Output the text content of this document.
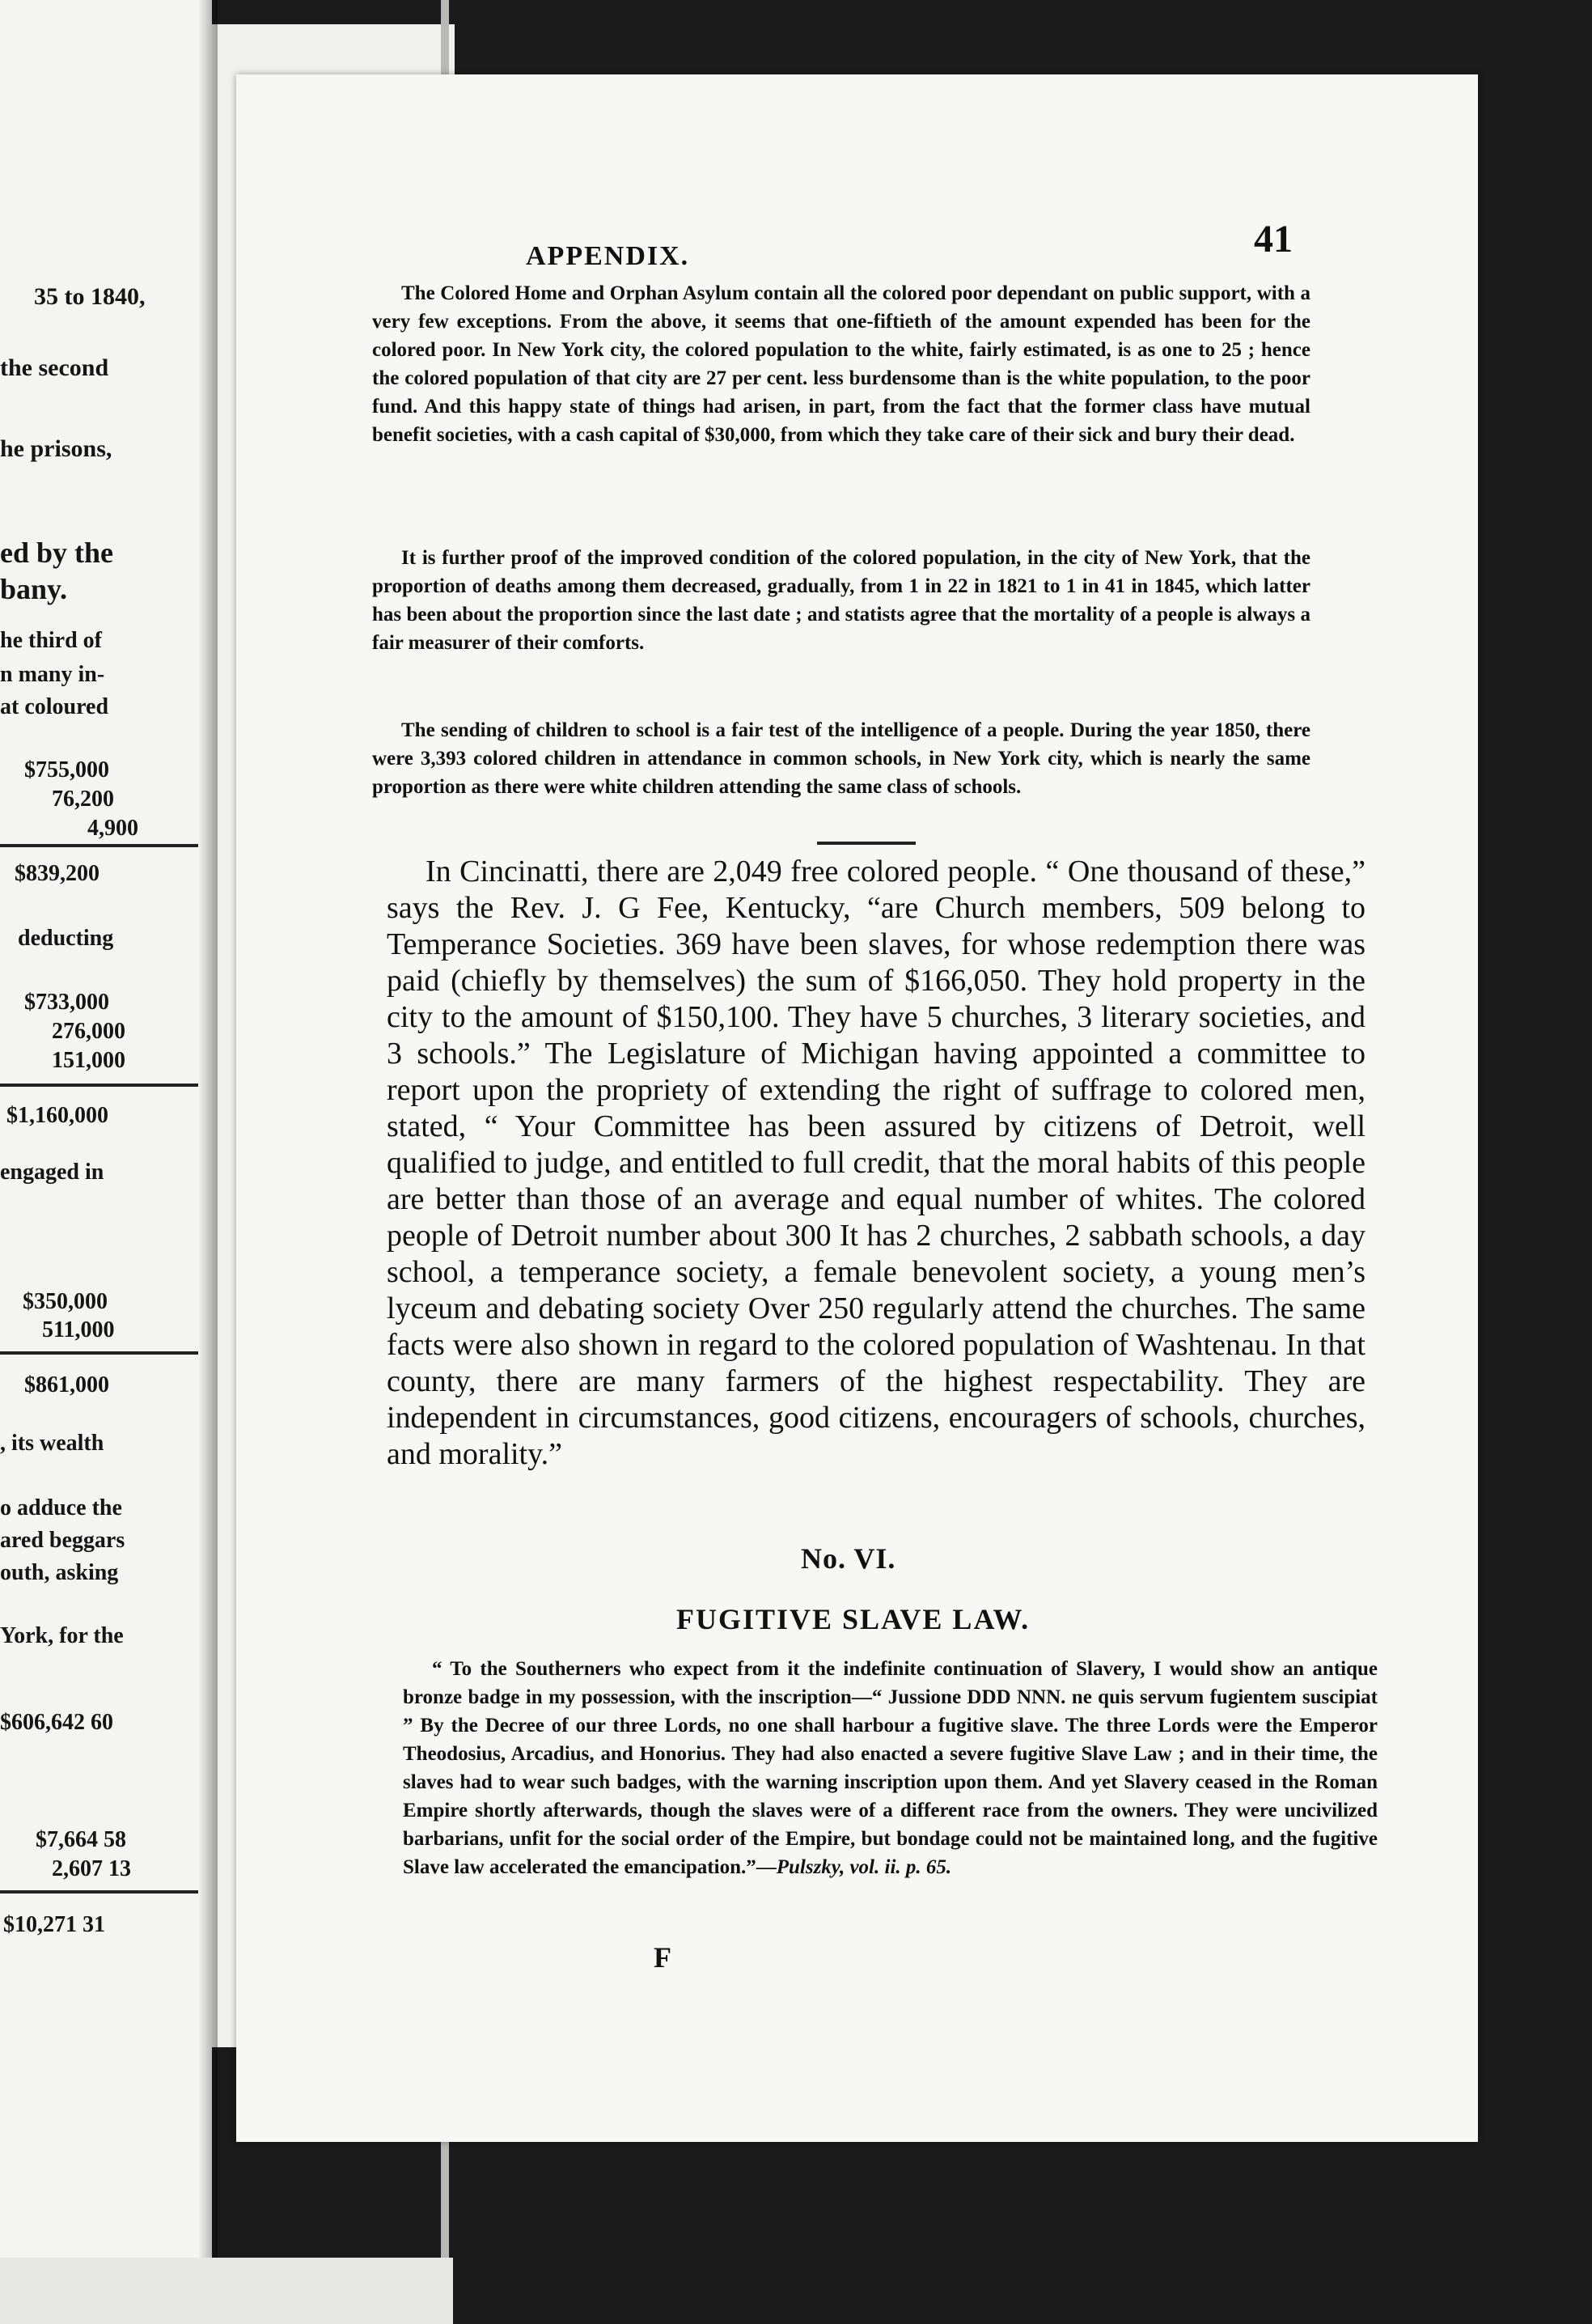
35 to 1840,
the second
he prisons,
ed by the
bany.
he third of
n many in-
at coloured
$755,000
76,200
4,900
$839,200
deducting
$733,000
276,000
151,000
$1,160,000
engaged in
$350,000
511,000
$861,000
, its wealth
o adduce the
ared beggars
outh, asking
York, for the
$606,642 60
$7,664 58
2,607 13
$10,271 31
APPENDIX.	41

The Colored Home and Orphan Asylum contain all the colored poor dependant on public support, with a very few exceptions. From the above, it seems that one-fiftieth of the amount expended has been for the colored poor. In New York city, the colored population to the white, fairly estimated, is as one to 25 ; hence the colored population of that city are 27 per cent. less burdensome than is the white population, to the poor fund. And this happy state of things had arisen, in part, from the fact that the former class have mutual benefit societies, with a cash capital of $30,000, from which they take care of their sick and bury their dead.

It is further proof of the improved condition of the colored population, in the city of New York, that the proportion of deaths among them decreased, gradually, from 1 in 22 in 1821 to 1 in 41 in 1845, which latter has been about the proportion since the last date ; and statists agree that the mortality of a people is always a fair measurer of their comforts.

The sending of children to school is a fair test of the intelligence of a people. During the year 1850, there were 3,393 colored children in attendance in common schools, in New York city, which is nearly the same proportion as there were white children attending the same class of schools.

In Cincinatti, there are 2,049 free colored people. “ One thousand of these,” says the Rev. J. G Fee, Kentucky, “are Church members, 509 belong to Temperance Societies. 369 have been slaves, for whose redemption there was paid (chiefly by themselves) the sum of $166,050. They hold property in the city to the amount of $150,100. They have 5 churches, 3 literary societies, and 3 schools.” The Legislature of Michigan having appointed a committee to report upon the propriety of extending the right of suffrage to colored men, stated, “ Your Committee has been assured by citizens of Detroit, well qualified to judge, and entitled to full credit, that the moral habits of this people are better than those of an average and equal number of whites. The colored people of Detroit number about 300 It has 2 churches, 2 sabbath schools, a day school, a temperance society, a female benevolent society, a young men’s lyceum and debating society Over 250 regularly attend the churches. The same facts were also shown in regard to the colored population of Washtenau. In that county, there are many farmers of the highest respectability. They are independent in circumstances, good citizens, encouragers of schools, churches, and morality.”

No. VI.
FUGITIVE SLAVE LAW.

“ To the Southerners who expect from it the indefinite continuation of Slavery, I would show an antique bronze badge in my possession, with the inscription—“ Jussione DDD NNN. ne quis servum fugientem suscipiat ” By the Decree of our three Lords, no one shall harbour a fugitive slave. The three Lords were the Emperor Theodosius, Arcadius, and Honorius. They had also enacted a severe fugitive Slave Law ; and in their time, the slaves had to wear such badges, with the warning inscription upon them. And yet Slavery ceased in the Roman Empire shortly afterwards, though the slaves were of a different race from the owners. They were uncivilized barbarians, unfit for the social order of the Empire, but bondage could not be maintained long, and the fugitive Slave law accelerated the emancipation.”—Pulszky, vol. ii. p. 65.

F
